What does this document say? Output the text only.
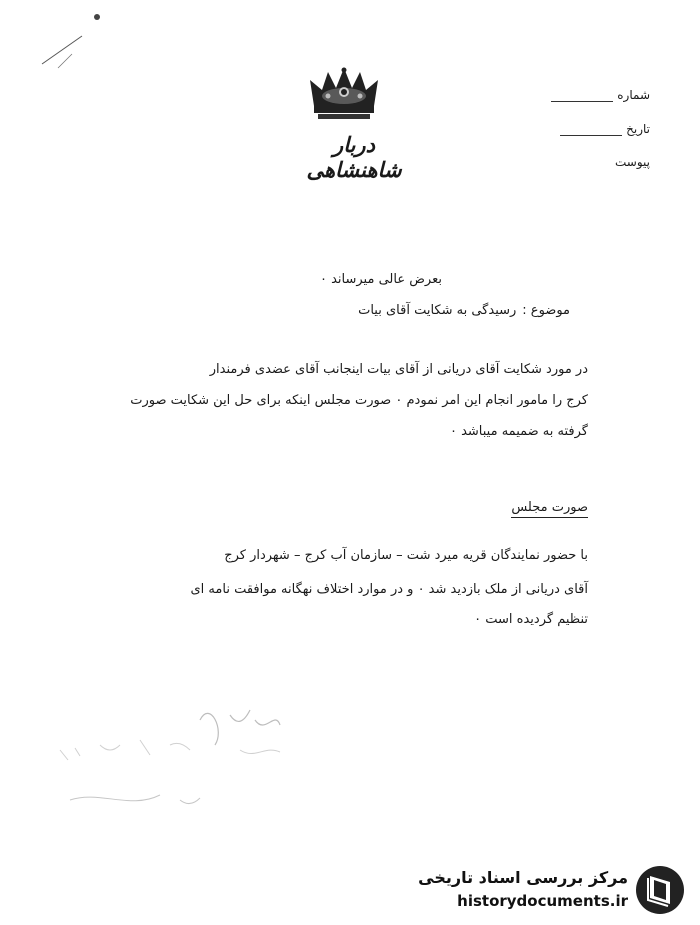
دربار شاهنشاهی
شماره
تاریخ
پیوست
بعرض عالی میرساند ٠
موضوع :
رسیدگی به شکایت آقای بیات
در مورد شکایت آقای دریانی از آقای بیات اینجانب آقای عضدی فرمندار
کرج را مامور انجام این امر نمودم ٠ صورت مجلس اینکه برای حل این شکایت صورت
گرفته به ضمیمه میباشد ٠
صورت مجلس
با حضور نمایندگان قریه میرد شت – سازمان آب کرج – شهردار کرج
آقای دریانی از ملک بازدید شد ٠ و در موارد اختلاف نهگانه موافقت نامه ای
تنظیم گردیده است ٠
مرکز بررسی اسناد تاریخی
historydocuments.ir
